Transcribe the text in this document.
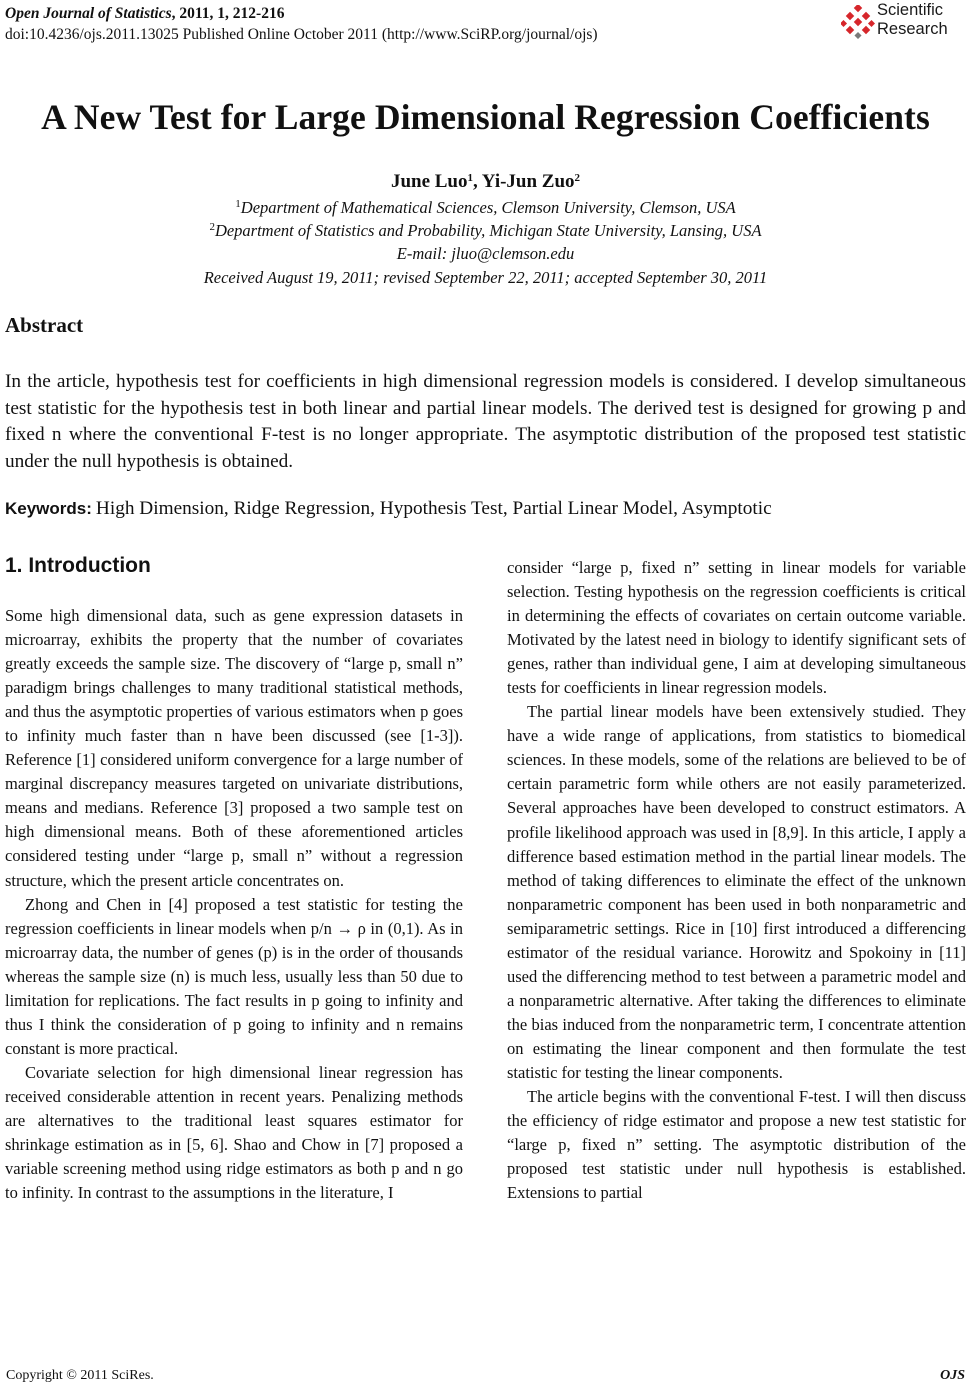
Open Journal of Statistics, 2011, 1, 212-216
doi:10.4236/ojs.2011.13025 Published Online October 2011 (http://www.SciRP.org/journal/ojs)
Scientific
Research
A New Test for Large Dimensional Regression Coefficients
June Luo$^1$, Yi-Jun Zuo$^2$
$^1$Department of Mathematical Sciences, Clemson University, Clemson, USA
$^2$Department of Statistics and Probability, Michigan State University, Lansing, USA
E-mail: jluo@clemson.edu
Received August 19, 2011; revised September 22, 2011; accepted September 30, 2011
Abstract
In the article, hypothesis test for coefficients in high dimensional regression models is considered. I develop simultaneous test statistic for the hypothesis test in both linear and partial linear models. The derived test is designed for growing p and fixed n where the conventional F-test is no longer appropriate. The asymptotic distribution of the proposed test statistic under the null hypothesis is obtained.
Keywords: High Dimension, Ridge Regression, Hypothesis Test, Partial Linear Model, Asymptotic
1. Introduction

Some high dimensional data, such as gene expression datasets in microarray, exhibits the property that the number of covariates greatly exceeds the sample size. The discovery of “large p, small n” paradigm brings challenges to many traditional statistical methods, and thus the asymptotic properties of various estimators when p goes to infinity much faster than n have been discussed (see [1-3]). Reference [1] considered uniform convergence for a large number of marginal discrepancy measures targeted on univariate distributions, means and medians. Reference [3] proposed a two sample test on high dimensional means. Both of these aforementioned articles considered testing under “large p, small n” without a regression structure, which the present article concentrates on.

Zhong and Chen in [4] proposed a test statistic for testing the regression coefficients in linear models when p/n → ρ in (0,1). As in microarray data, the number of genes (p) is in the order of thousands whereas the sample size (n) is much less, usually less than 50 due to limitation for replications. The fact results in p going to infinity and thus I think the consideration of p going to infinity and n remains constant is more practical.

Covariate selection for high dimensional linear regression has received considerable attention in recent years. Penalizing methods are alternatives to the traditional least squares estimator for shrinkage estimation as in [5, 6]. Shao and Chow in [7] proposed a variable screening method using ridge estimators as both p and n go to infinity. In contrast to the assumptions in the literature, I

consider “large p, fixed n” setting in linear models for variable selection. Testing hypothesis on the regression coefficients is critical in determining the effects of covariates on certain outcome variable. Motivated by the latest need in biology to identify significant sets of genes, rather than individual gene, I aim at developing simultaneous tests for coefficients in linear regression models.

The partial linear models have been extensively studied. They have a wide range of applications, from statistics to biomedical sciences. In these models, some of the relations are believed to be of certain parametric form while others are not easily parameterized. Several approaches have been developed to construct estimators. A profile likelihood approach was used in [8,9]. In this article, I apply a difference based estimation method in the partial linear models. The method of taking differences to eliminate the effect of the unknown nonparametric component has been used in both nonparametric and semiparametric settings. Rice in [10] first introduced a differencing estimator of the residual variance. Horowitz and Spokoiny in [11] used the differencing method to test between a parametric model and a nonparametric alternative. After taking the differences to eliminate the bias induced from the nonparametric term, I concentrate attention on estimating the linear component and then formulate the test statistic for testing the linear components.

The article begins with the conventional F-test. I will then discuss the efficiency of ridge estimator and propose a new test statistic for “large p, fixed n” setting. The asymptotic distribution of the proposed test statistic under null hypothesis is established. Extensions to partial

Copyright © 2011 SciRes.	OJS
